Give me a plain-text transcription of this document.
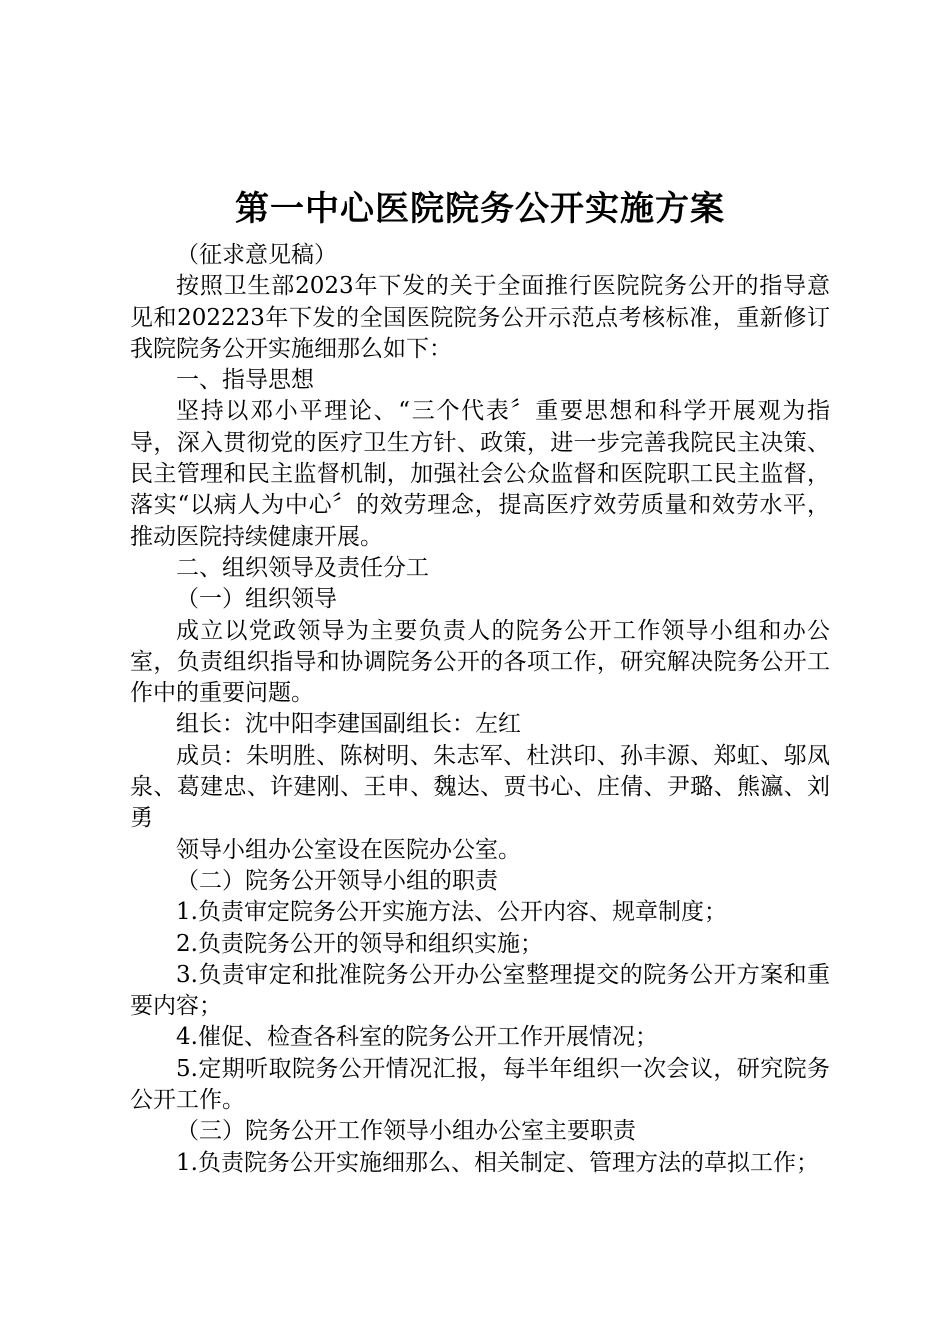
第一中心医院院务公开实施方案

（征求意见稿）

按照卫生部2023年下发的关于全面推行医院院务公开的指导意见和202223年下发的全国医院院务公开示范点考核标准，重新修订我院院务公开实施细那么如下：

一、指导思想

坚持以邓小平理论、“三个代表〞重要思想和科学开展观为指导，深入贯彻党的医疗卫生方针、政策，进一步完善我院民主决策、民主管理和民主监督机制，加强社会公众监督和医院职工民主监督，落实“以病人为中心〞的效劳理念，提高医疗效劳质量和效劳水平，推动医院持续健康开展。

二、组织领导及责任分工

（一）组织领导

成立以党政领导为主要负责人的院务公开工作领导小组和办公室，负责组织指导和协调院务公开的各项工作，研究解决院务公开工作中的重要问题。

组长：沈中阳李建国副组长：左红

成员：朱明胜、陈树明、朱志军、杜洪印、孙丰源、郑虹、邬凤泉、葛建忠、许建刚、王申、魏达、贾书心、庄倩、尹璐、熊瀛、刘勇

领导小组办公室设在医院办公室。

（二）院务公开领导小组的职责

1.负责审定院务公开实施方法、公开内容、规章制度；

2.负责院务公开的领导和组织实施；

3.负责审定和批准院务公开办公室整理提交的院务公开方案和重要内容；

4.催促、检查各科室的院务公开工作开展情况；

5.定期听取院务公开情况汇报，每半年组织一次会议，研究院务公开工作。

（三）院务公开工作领导小组办公室主要职责

1.负责院务公开实施细那么、相关制定、管理方法的草拟工作；
